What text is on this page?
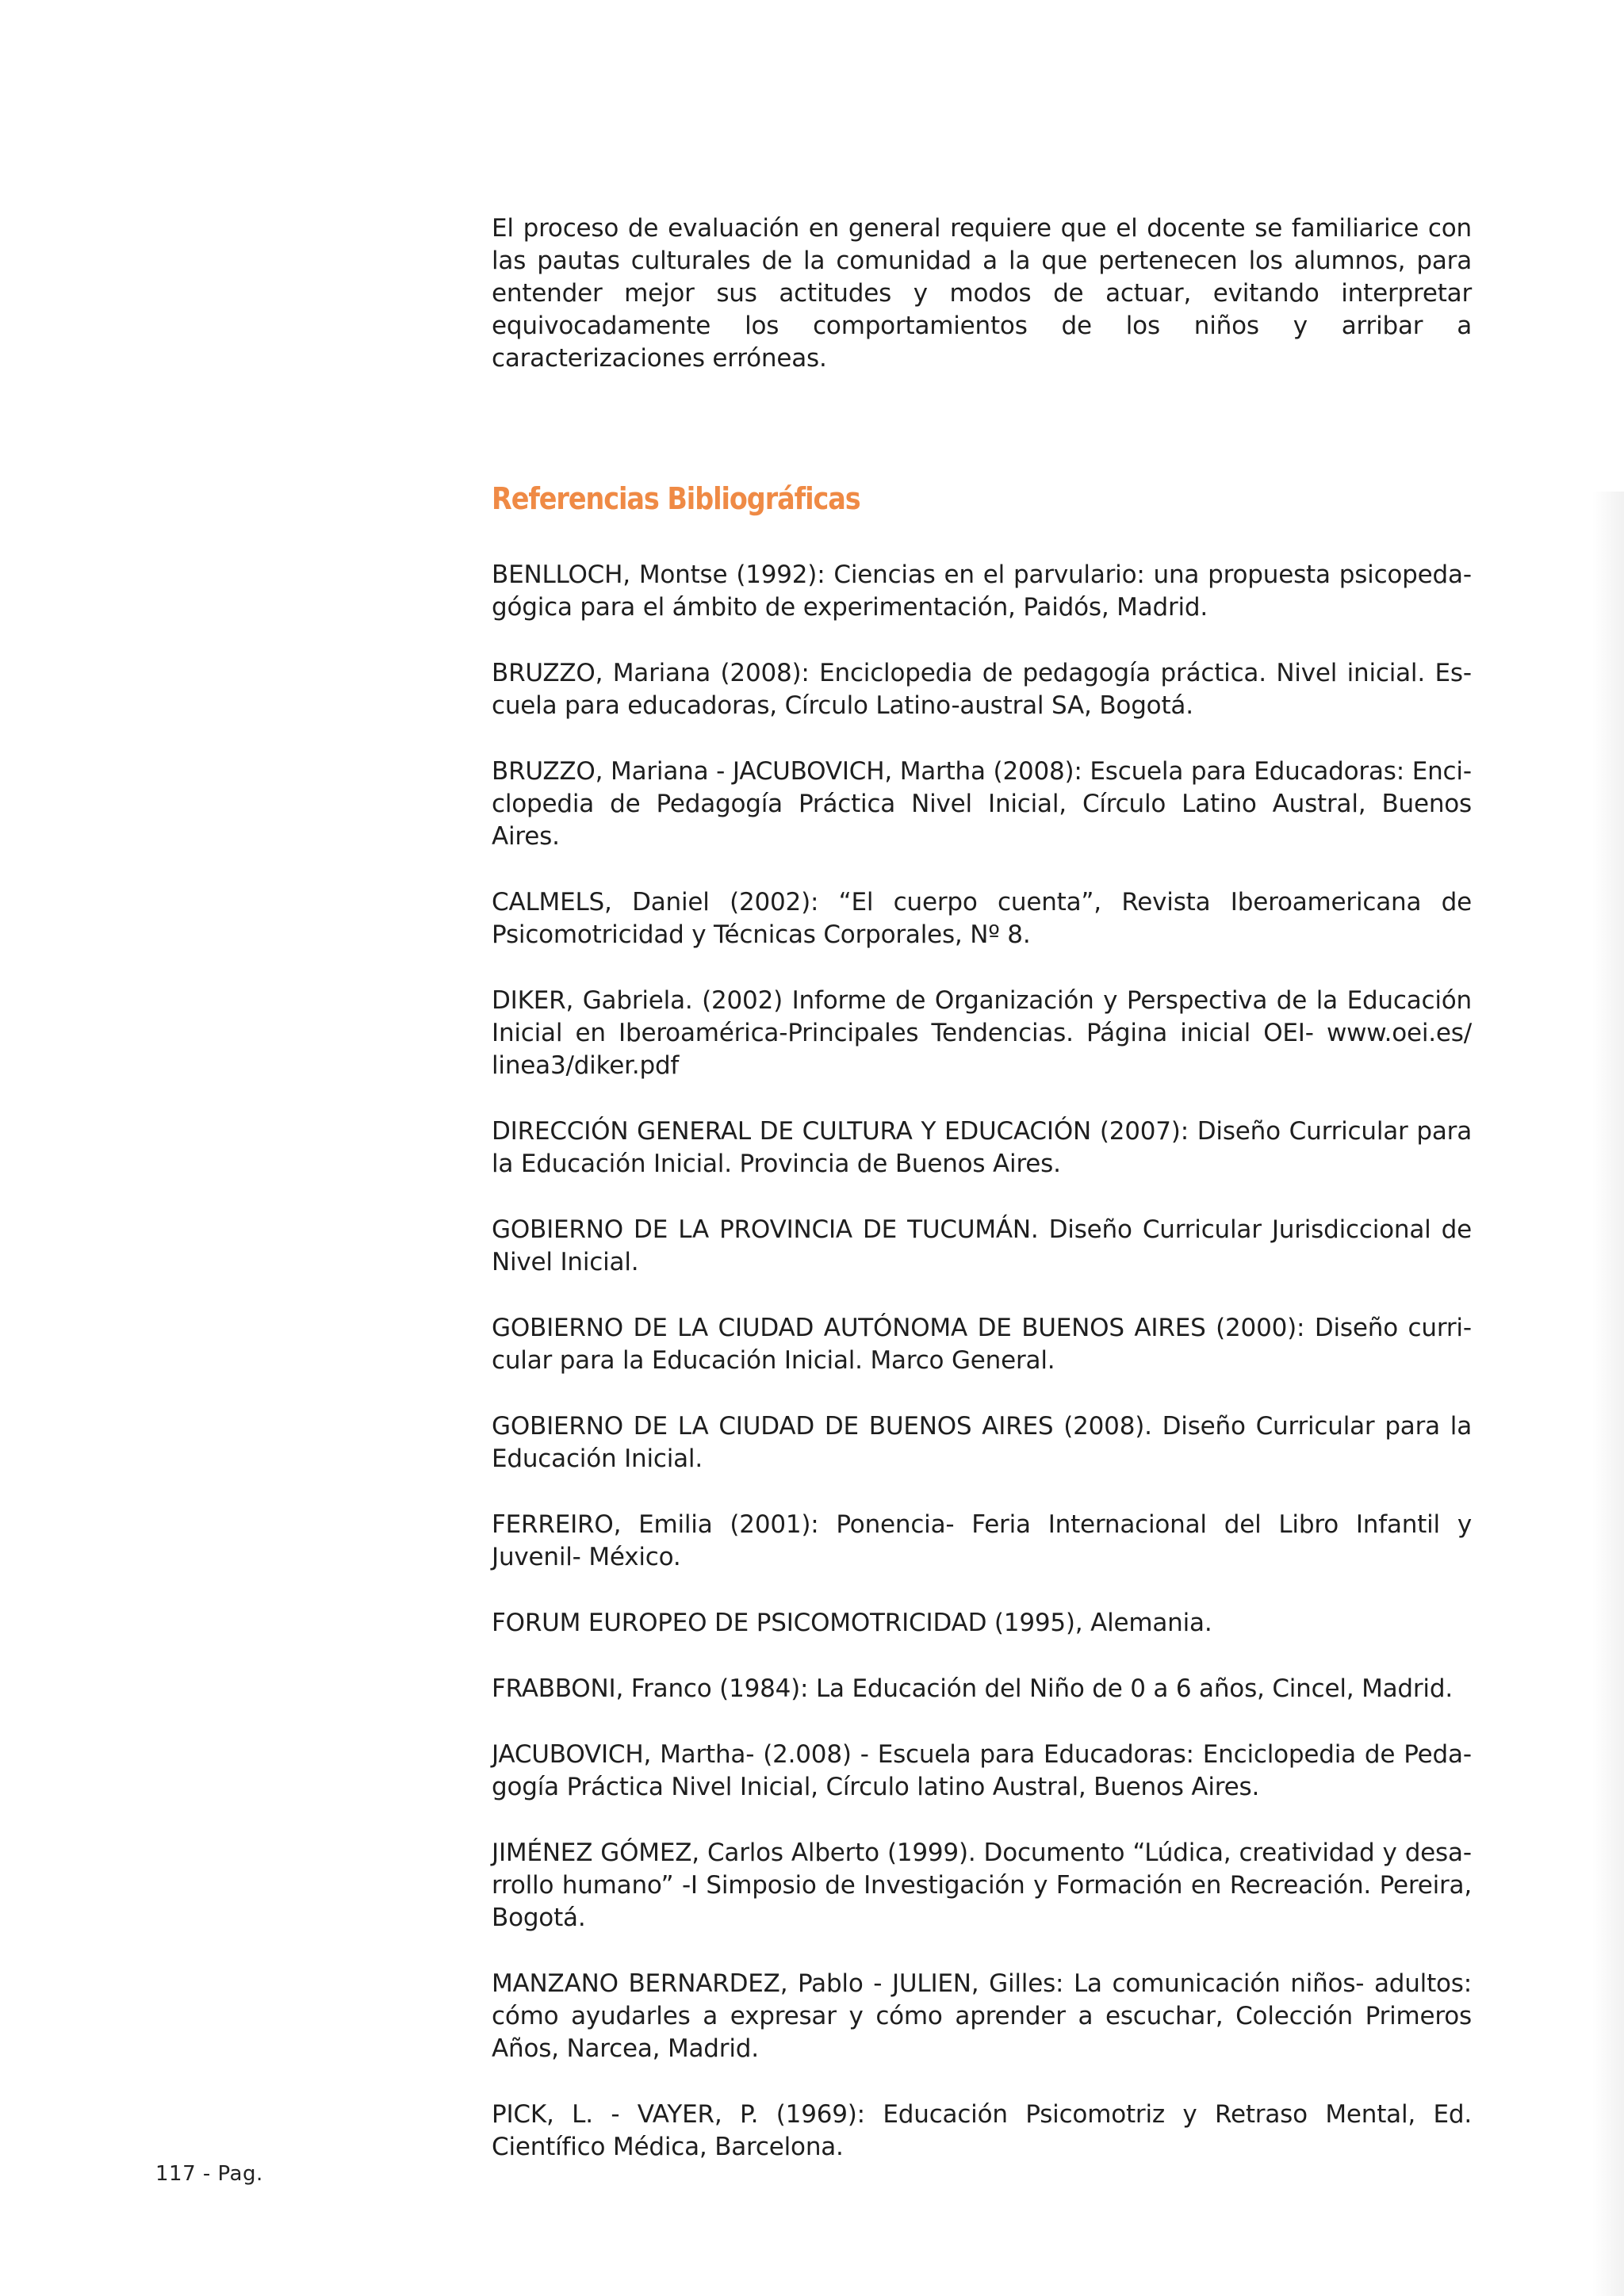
El proceso de evaluación en general requiere que el docente se familiarice con las pautas culturales de la comunidad a la que pertenecen los alumnos, para entender mejor sus actitudes y modos de actuar, evitando interpretar equivocadamente los comportamientos de los niños y arribar a caracterizaciones erróneas.

Referencias Bibliográficas
BENLLOCH, Montse (1992): Ciencias en el parvulario: una propuesta psicopedagógica para el ámbito de experimentación, Paidós, Madrid.
BRUZZO, Mariana (2008): Enciclopedia de pedagogía práctica. Nivel inicial. Escuela para educadoras, Círculo Latino-austral SA, Bogotá.
BRUZZO, Mariana - JACUBOVICH, Martha (2008): Escuela para Educadoras: Enciclopedia de Pedagogía Práctica Nivel Inicial, Círculo Latino Austral, Buenos Aires.
CALMELS, Daniel (2002): “El cuerpo cuenta”, Revista Iberoamericana de Psicomotricidad y Técnicas Corporales, Nº 8.
DIKER, Gabriela. (2002) Informe de Organización y Perspectiva de la Educación Inicial en Iberoamérica-Principales Tendencias. Página inicial OEI- www.oei.es/ linea3/diker.pdf
DIRECCIÓN GENERAL DE CULTURA Y EDUCACIÓN (2007): Diseño Curricular para la Educación Inicial. Provincia de Buenos Aires.
GOBIERNO DE LA PROVINCIA DE TUCUMÁN. Diseño Curricular Jurisdiccional de Nivel Inicial.
GOBIERNO DE LA CIUDAD AUTÓNOMA DE BUENOS AIRES (2000): Diseño curricular para la Educación Inicial. Marco General.
GOBIERNO DE LA CIUDAD DE BUENOS AIRES (2008). Diseño Curricular para la Educación Inicial.
FERREIRO, Emilia (2001): Ponencia- Feria Internacional del Libro Infantil y Juvenil- México.
FORUM EUROPEO DE PSICOMOTRICIDAD (1995), Alemania.
FRABBONI, Franco (1984): La Educación del Niño de 0 a 6 años, Cincel, Madrid.
JACUBOVICH, Martha- (2.008) - Escuela para Educadoras: Enciclopedia de Pedagogía Práctica Nivel Inicial, Círculo latino Austral, Buenos Aires.
JIMÉNEZ GÓMEZ, Carlos Alberto (1999). Documento “Lúdica, creatividad y desarrollo humano” -I Simposio de Investigación y Formación en Recreación. Pereira, Bogotá.
MANZANO BERNARDEZ, Pablo - JULIEN, Gilles: La comunicación niños- adultos: cómo ayudarles a expresar y cómo aprender a escuchar, Colección Primeros Años, Narcea, Madrid.
PICK, L. - VAYER, P. (1969): Educación Psicomotriz y Retraso Mental, Ed. Científico Médica, Barcelona.
117 - Pag.
